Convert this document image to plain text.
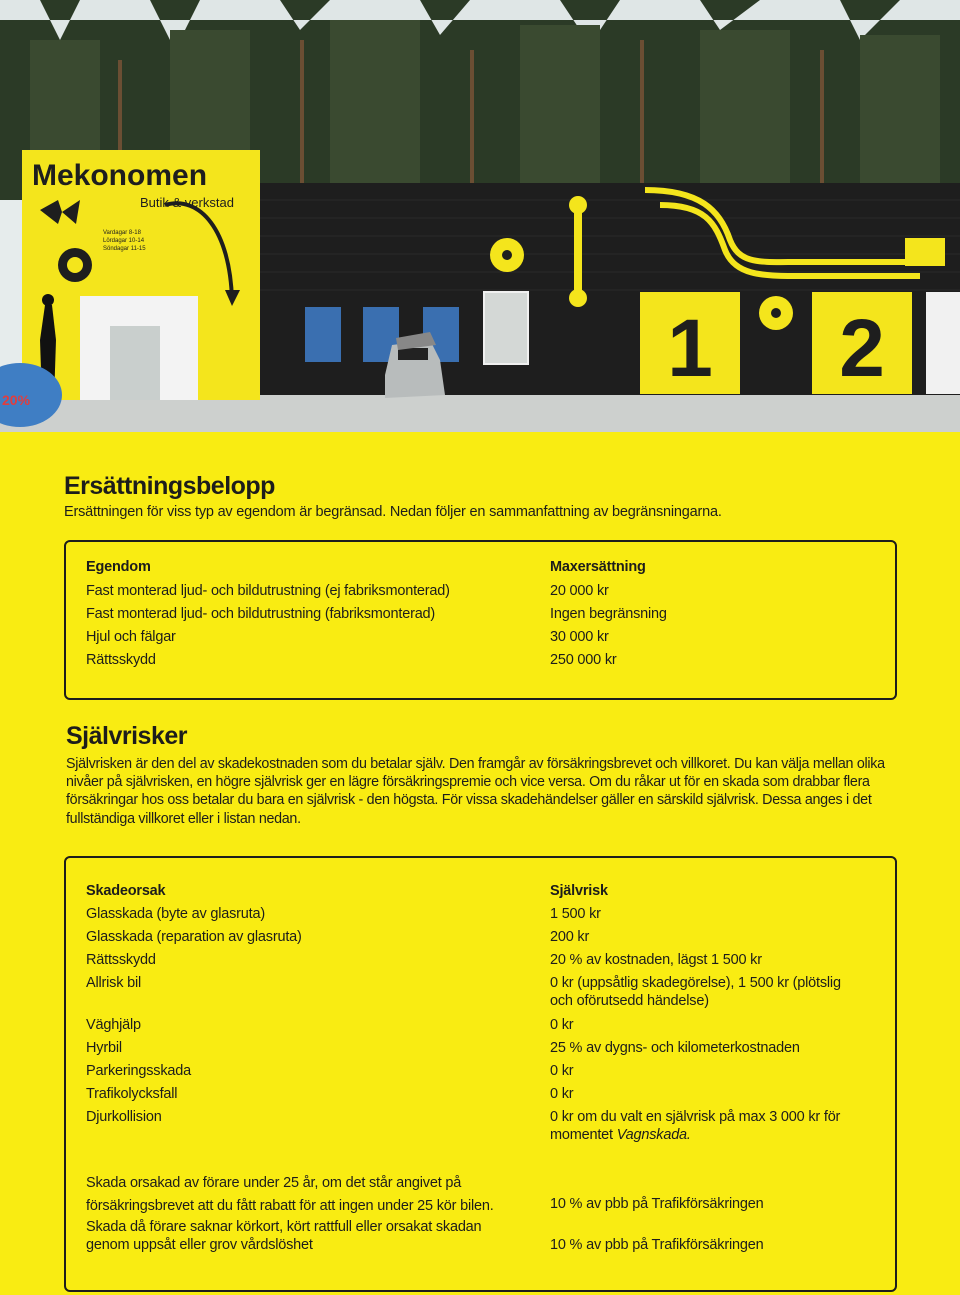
1 2
Mekonomen
Butik & verkstad
Vardagar 8-18
Lördagar 10-14
Söndagar 11-15
20%
Ersättningsbelopp
Ersättningen för viss typ av egendom är begränsad. Nedan följer en sammanfattning av begränsningarna.
Egendom	Maxersättning
Fast monterad ljud- och bildutrustning (ej fabriksmonterad)	20 000 kr
Fast monterad ljud- och bildutrustning (fabriksmonterad)	Ingen begränsning
Hjul och fälgar	30 000 kr
Rättsskydd	250 000 kr
Självrisker
Självrisken är den del av skadekostnaden som du betalar själv. Den framgår av försäkringsbrevet och villkoret. Du kan välja mellan olika nivåer på självrisken, en högre självrisk ger en lägre försäkringspremie och vice versa. Om du råkar ut för en skada som drabbar flera försäkringar hos oss betalar du bara en självrisk - den högsta. För vissa skadehändelser gäller en särskild självrisk. Dessa anges i det fullständiga villkoret eller i listan nedan.
Skadeorsak	Självrisk
Glasskada (byte av glasruta)	1 500 kr
Glasskada (reparation av glasruta)	200 kr
Rättsskydd	20 % av kostnaden, lägst 1 500 kr
Allrisk bil	0 kr (uppsåtlig skadegörelse), 1 500 kr (plötslig och oförutsedd händelse)
Väghjälp	0 kr
Hyrbil	25 % av dygns- och kilometerkostnaden
Parkeringsskada	0 kr
Trafikolycksfall	0 kr
Djurkollision	0 kr om du valt en självrisk på max 3 000 kr för momentet Vagnskada.
Skada orsakad av förare under 25 år, om det står angivet på försäkringsbrevet att du fått rabatt för att ingen under 25 kör bilen.	10 % av pbb på Trafikförsäkringen
Skada då förare saknar körkort, kört rattfull eller orsakat skadan genom uppsåt eller grov vårdslöshet	10 % av pbb på Trafikförsäkringen
